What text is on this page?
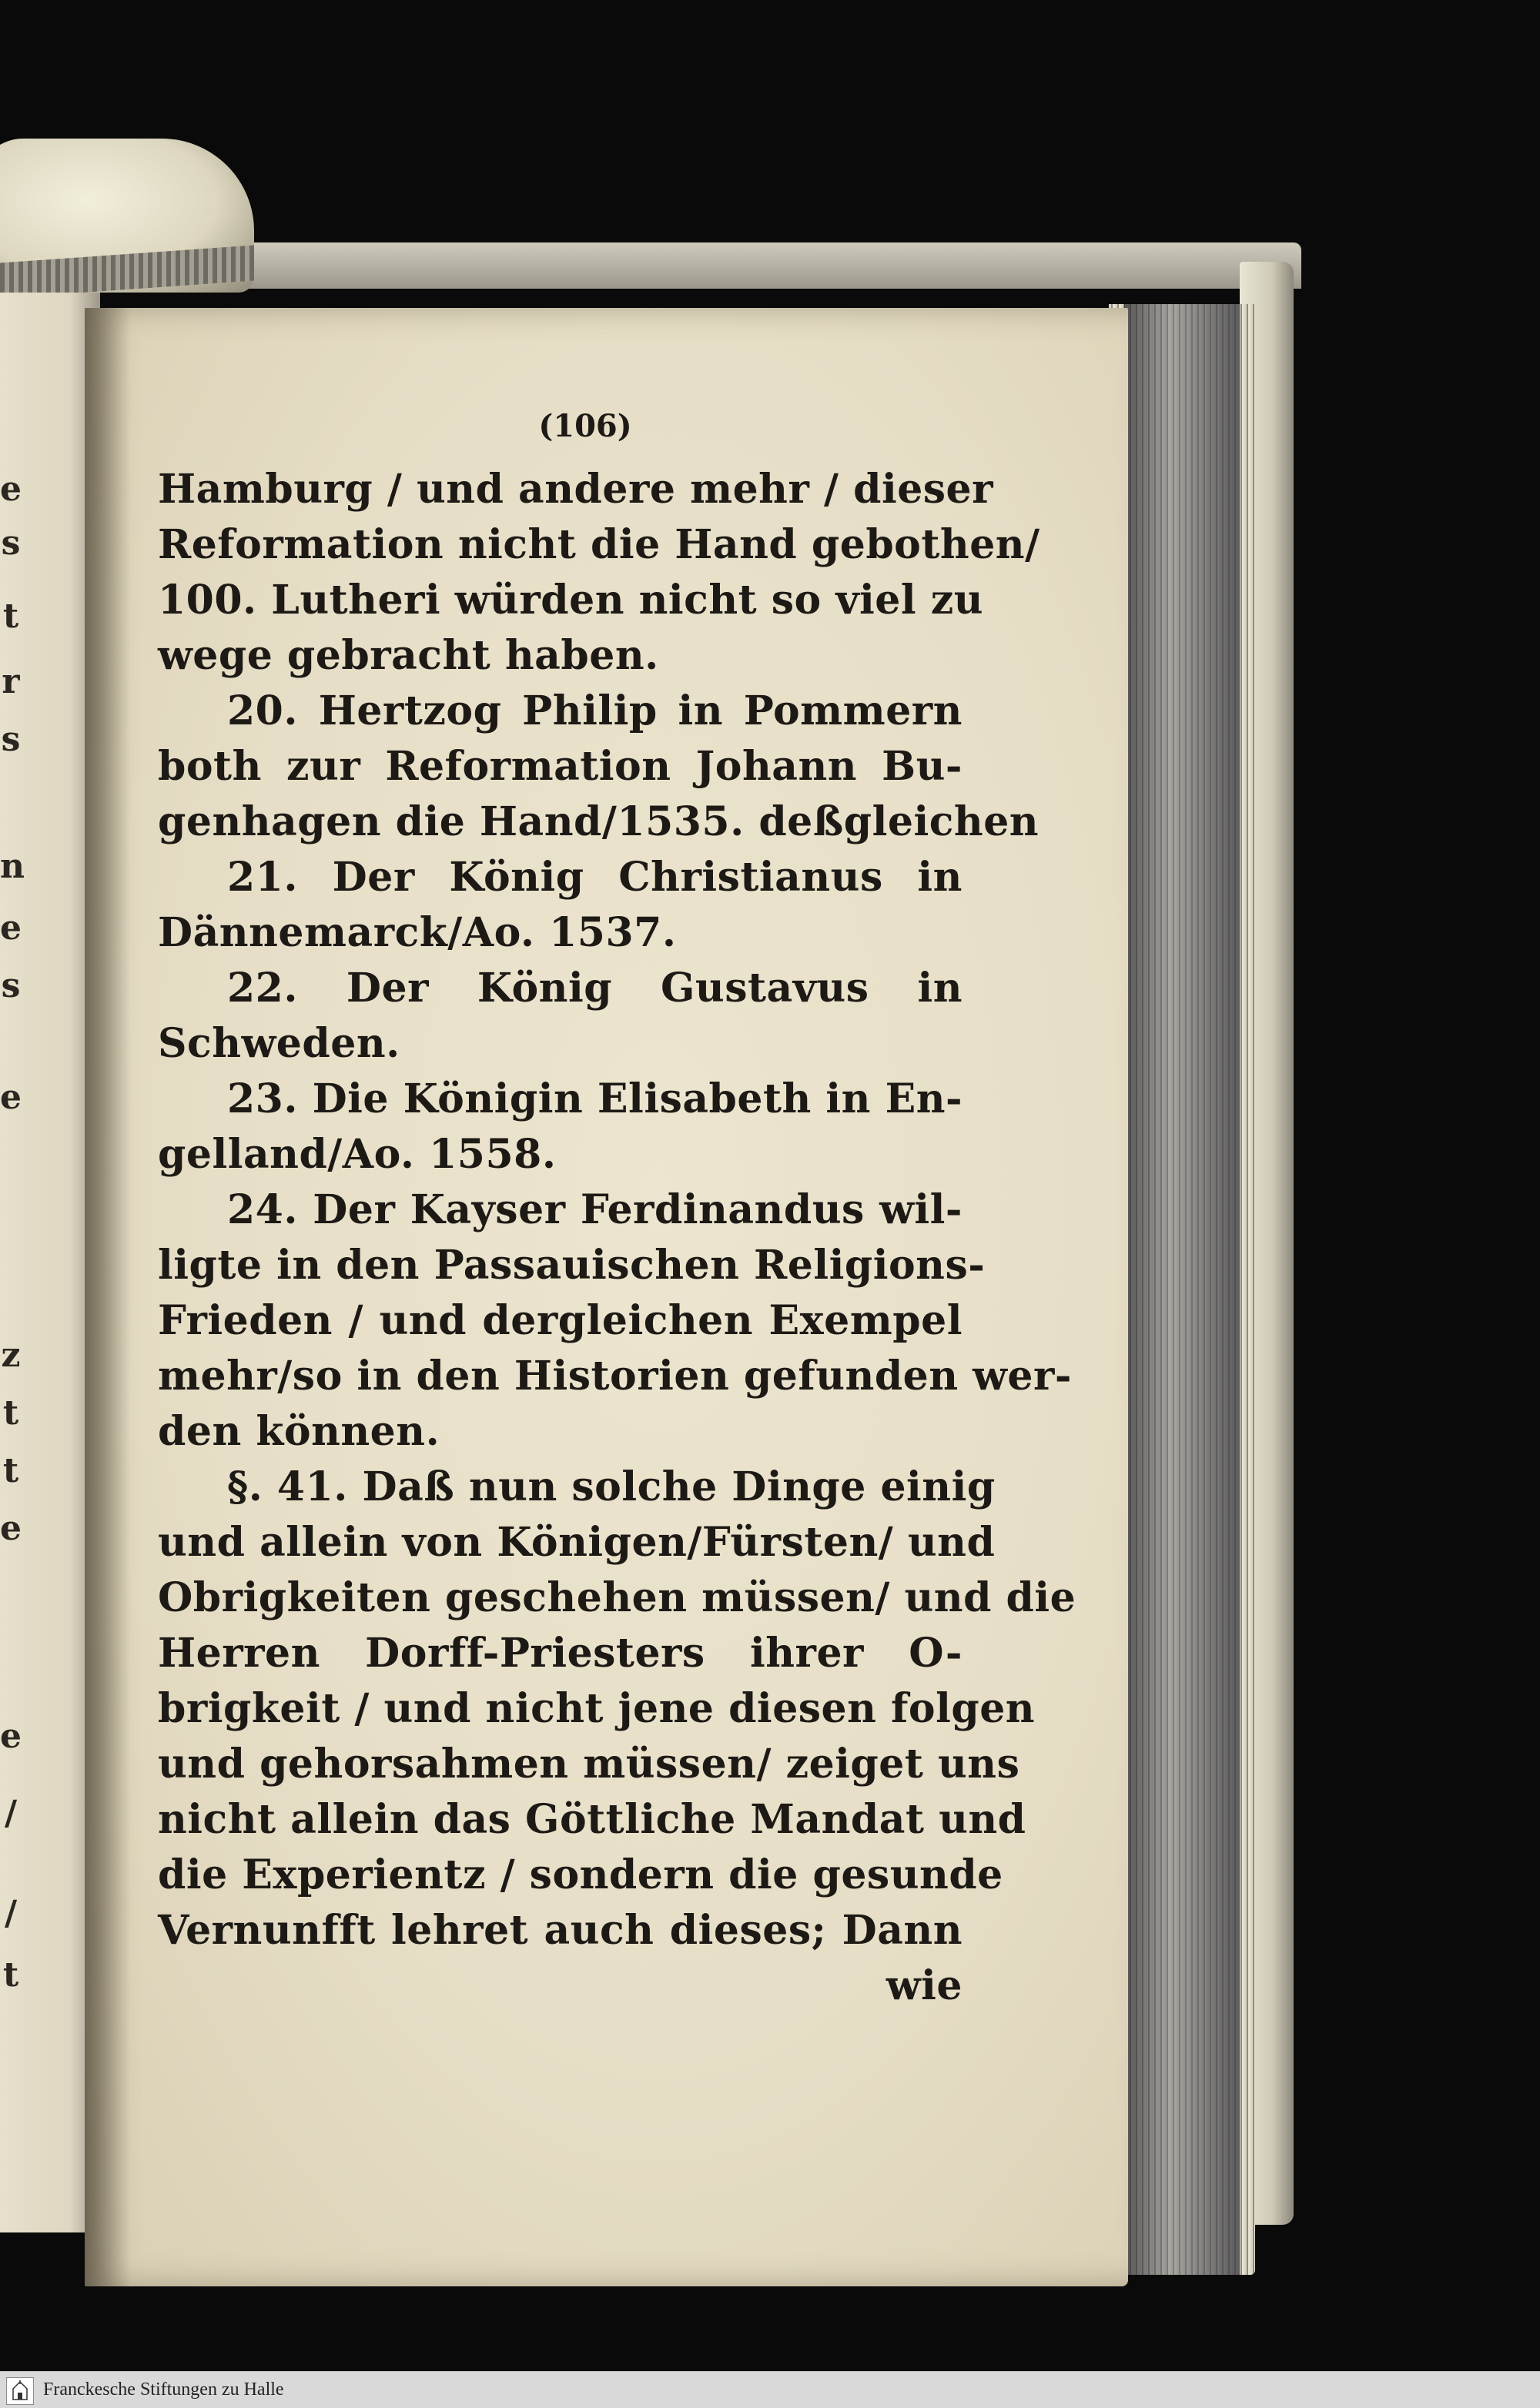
e
s
t
r
s
n
e
s
e
z
t
t
e
e
/
/
t
(106)
Hamburg / und andere mehr / dieser
Reformation nicht die Hand gebothen/
100. Lutheri würden nicht so viel zu
wege gebracht haben.
20. Hertzog Philip in Pommern
both zur Reformation Johann Bu-
genhagen die Hand/1535. deßgleichen
21. Der König Christianus in
Dännemarck/Ao. 1537.
22. Der König Gustavus in
Schweden.
23. Die Königin Elisabeth in En-
gelland/Ao. 1558.
24. Der Kayser Ferdinandus wil-
ligte in den Passauischen Religions-
Frieden / und dergleichen Exempel
mehr/so in den Historien gefunden wer-
den können.
§. 41. Daß nun solche Dinge einig
und allein von Königen/Fürsten/ und
Obrigkeiten geschehen müssen/ und die
Herren Dorff-Priesters ihrer O-
brigkeit / und nicht jene diesen folgen
und gehorsahmen müssen/ zeiget uns
nicht allein das Göttliche Mandat und
die Experientz / sondern die gesunde
Vernunfft lehret auch dieses; Dann
wie
Franckesche Stiftungen zu Halle
